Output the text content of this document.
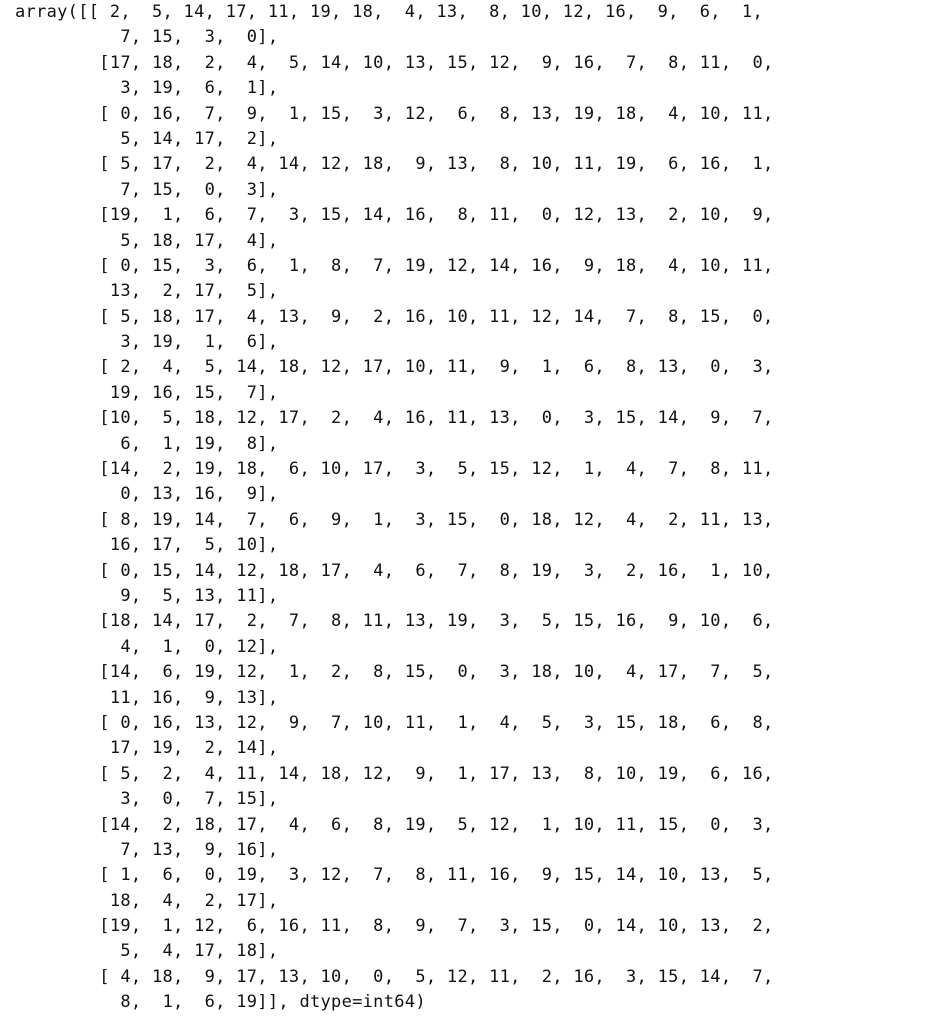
array([[ 2,  5, 14, 17, 11, 19, 18,  4, 13,  8, 10, 12, 16,  9,  6,  1,
7, 15,  3,  0],
[17, 18,  2,  4,  5, 14, 10, 13, 15, 12,  9, 16,  7,  8, 11,  0,
3, 19,  6,  1],
[ 0, 16,  7,  9,  1, 15,  3, 12,  6,  8, 13, 19, 18,  4, 10, 11,
5, 14, 17,  2],
[ 5, 17,  2,  4, 14, 12, 18,  9, 13,  8, 10, 11, 19,  6, 16,  1,
7, 15,  0,  3],
[19,  1,  6,  7,  3, 15, 14, 16,  8, 11,  0, 12, 13,  2, 10,  9,
5, 18, 17,  4],
[ 0, 15,  3,  6,  1,  8,  7, 19, 12, 14, 16,  9, 18,  4, 10, 11,
13,  2, 17,  5],
[ 5, 18, 17,  4, 13,  9,  2, 16, 10, 11, 12, 14,  7,  8, 15,  0,
3, 19,  1,  6],
[ 2,  4,  5, 14, 18, 12, 17, 10, 11,  9,  1,  6,  8, 13,  0,  3,
19, 16, 15,  7],
[10,  5, 18, 12, 17,  2,  4, 16, 11, 13,  0,  3, 15, 14,  9,  7,
6,  1, 19,  8],
[14,  2, 19, 18,  6, 10, 17,  3,  5, 15, 12,  1,  4,  7,  8, 11,
0, 13, 16,  9],
[ 8, 19, 14,  7,  6,  9,  1,  3, 15,  0, 18, 12,  4,  2, 11, 13,
16, 17,  5, 10],
[ 0, 15, 14, 12, 18, 17,  4,  6,  7,  8, 19,  3,  2, 16,  1, 10,
9,  5, 13, 11],
[18, 14, 17,  2,  7,  8, 11, 13, 19,  3,  5, 15, 16,  9, 10,  6,
4,  1,  0, 12],
[14,  6, 19, 12,  1,  2,  8, 15,  0,  3, 18, 10,  4, 17,  7,  5,
11, 16,  9, 13],
[ 0, 16, 13, 12,  9,  7, 10, 11,  1,  4,  5,  3, 15, 18,  6,  8,
17, 19,  2, 14],
[ 5,  2,  4, 11, 14, 18, 12,  9,  1, 17, 13,  8, 10, 19,  6, 16,
3,  0,  7, 15],
[14,  2, 18, 17,  4,  6,  8, 19,  5, 12,  1, 10, 11, 15,  0,  3,
7, 13,  9, 16],
[ 1,  6,  0, 19,  3, 12,  7,  8, 11, 16,  9, 15, 14, 10, 13,  5,
18,  4,  2, 17],
[19,  1, 12,  6, 16, 11,  8,  9,  7,  3, 15,  0, 14, 10, 13,  2,
5,  4, 17, 18],
[ 4, 18,  9, 17, 13, 10,  0,  5, 12, 11,  2, 16,  3, 15, 14,  7,
8,  1,  6, 19]], dtype=int64)
